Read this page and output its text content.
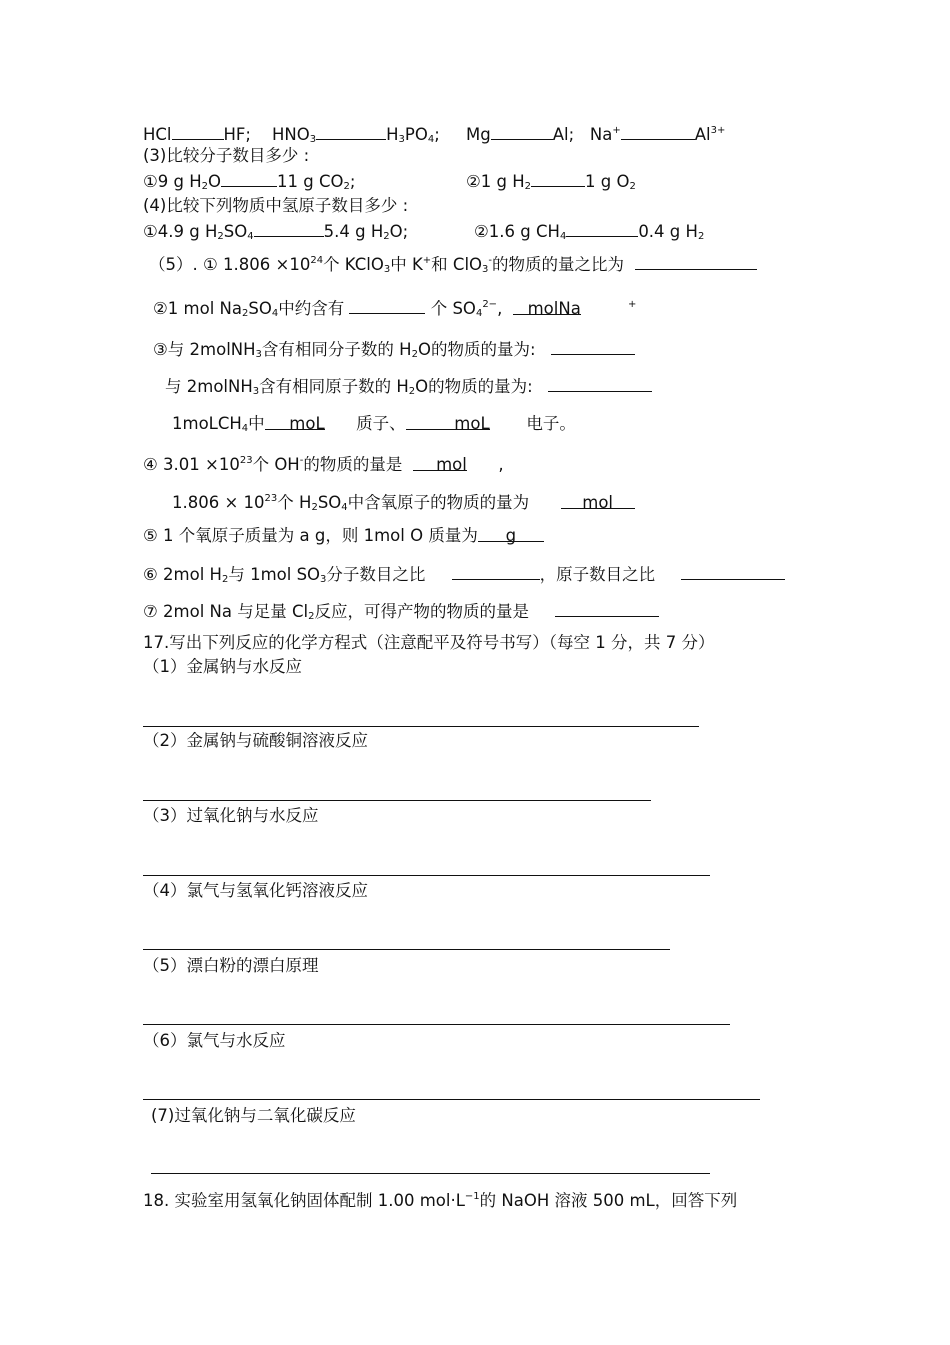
HCl	HF; $HNO_3$	$H_3PO_4$; Mg	Al; Na+	$Al^{3+}$
(3)比较分子数目多少 :
①9 g $H_2O$	11 g $CO_2$;	②1 g $H_2$	1 g $O_2$
(4)比较下列物质中氢原子数目多少 :
①4.9 g $H_2SO_4$	5.4 g $H_2O$;	②1.6 g $CH_4$	0.4 g $H_2$
（5）. ① $1.806 \times 10^{24}$个 KClO$_3$中 K+和 ClO$_3$-的物质的量之比为
②1 mol $Na_2SO_4$中约含有	个 $SO_4^{2-}$, molNa	+
③与 2molNH$_3$含有相同分子数的 $H_2O$的物质的量为:
与 2molNH$_3$含有相同原子数的 $H_2O$的物质的量为:
1moLCH$_4$中 moL 质子、	moL 电子。
④ $3.01 \times 10^{23}$个 OH-的物质的量是 mol ,
$1.806 \times 10^{23}$个 $H_2SO_4$中含氧原子的物质的量为	mol
⑤ 1 个氧原子质量为 a g，则 1mol O 质量为 g
⑥ 2mol $H_2$与 1mol $SO_3$分子数目之比	，原子数目之比
⑦ 2mol Na 与足量 $Cl_2$反应，可得产物的物质的量是
17.写出下列反应的化学方程式（注意配平及符号书写）（每空 1 分，共 7 分）
（1）金属钠与水反应
（2）金属钠与硫酸铜溶液反应
（3）过氧化钠与水反应
（4）氯气与氢氧化钙溶液反应
（5）漂白粉的漂白原理
（6）氯气与水反应
(7)过氧化钠与二氧化碳反应
18. 实验室用氢氧化钠固体配制 1.00 $mol\cdot L^{-1}$的 NaOH 溶液 500 mL，回答下列
